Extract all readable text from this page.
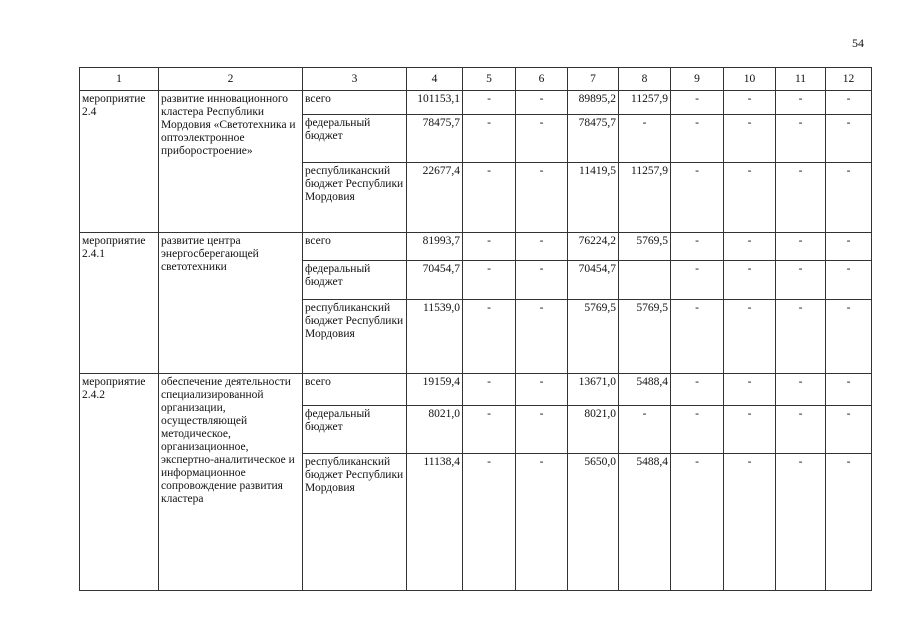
54
1	2	3	4	5	6	7	8	9	10	11	12
мероприятие 2.4	развитие инновационного кластера Республики Мордовия «Светотехника и оптоэлектронное приборостроение»	всего	101153,1	-	-	89895,2	11257,9	-	-	-	-
		федеральный бюджет	78475,7	-	-	78475,7	-	-	-	-	-
		республиканский бюджет Республики Мордовия	22677,4	-	-	11419,5	11257,9	-	-	-	-
мероприятие 2.4.1	развитие центра энергосберегающей светотехники	всего	81993,7	-	-	76224,2	5769,5	-	-	-	-
		федеральный бюджет	70454,7	-	-	70454,7		-	-	-	-
		республиканский бюджет Республики Мордовия	11539,0	-	-	5769,5	5769,5	-	-	-	-
мероприятие 2.4.2	обеспечение деятельности специализированной организации, осуществляющей методическое, организационное, экспертно-аналитическое и информационное сопровождение развития кластера	всего	19159,4	-	-	13671,0	5488,4	-	-	-	-
		федеральный бюджет	8021,0	-	-	8021,0	-	-	-	-	-
		республиканский бюджет Республики Мордовия	11138,4	-	-	5650,0	5488,4	-	-	-	-
